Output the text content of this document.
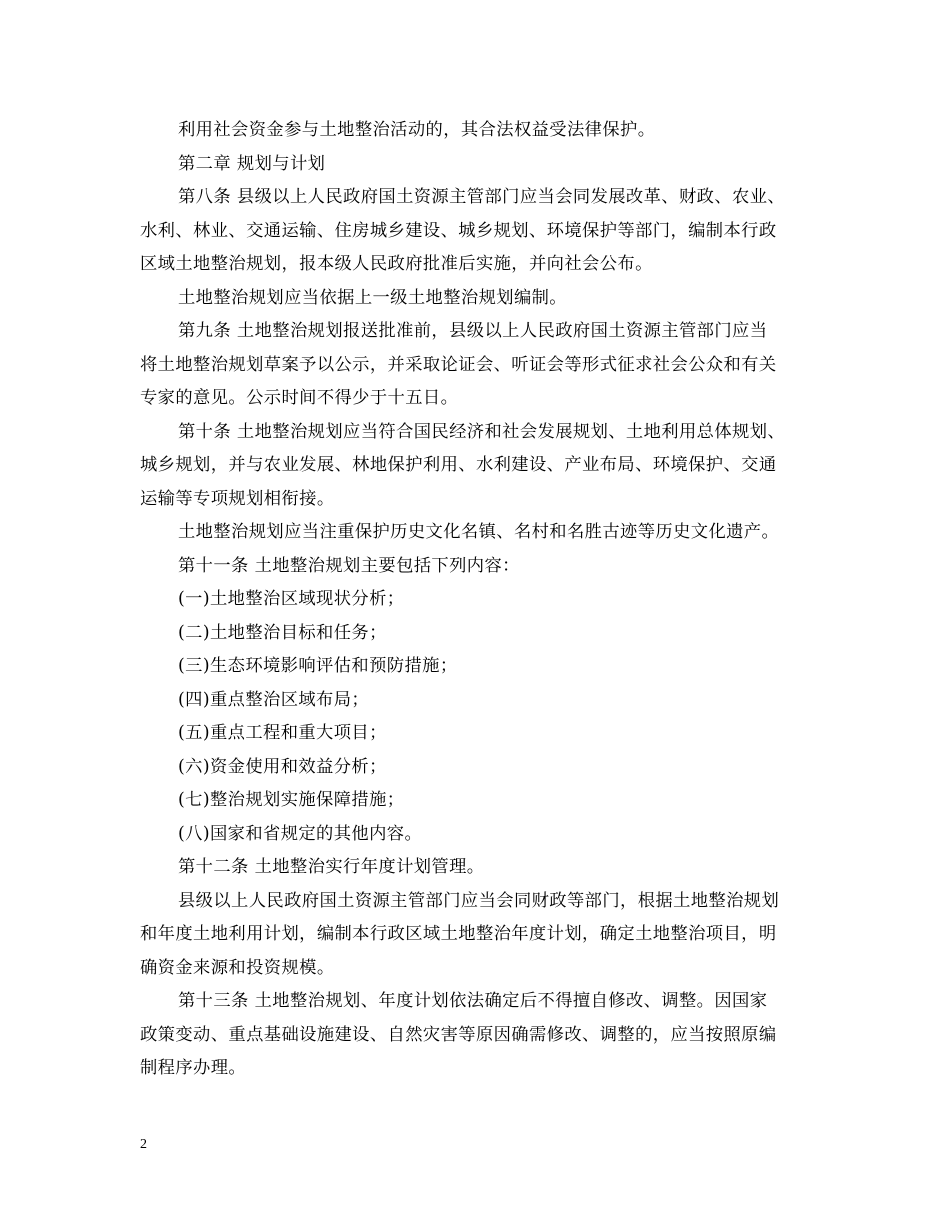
利用社会资金参与土地整治活动的，其合法权益受法律保护。
第二章 规划与计划
第八条 县级以上人民政府国土资源主管部门应当会同发展改革、财政、农业、
水利、林业、交通运输、住房城乡建设、城乡规划、环境保护等部门，编制本行政
区域土地整治规划，报本级人民政府批准后实施，并向社会公布。
土地整治规划应当依据上一级土地整治规划编制。
第九条 土地整治规划报送批准前，县级以上人民政府国土资源主管部门应当
将土地整治规划草案予以公示，并采取论证会、听证会等形式征求社会公众和有关
专家的意见。公示时间不得少于十五日。
第十条 土地整治规划应当符合国民经济和社会发展规划、土地利用总体规划、
城乡规划，并与农业发展、林地保护利用、水利建设、产业布局、环境保护、交通
运输等专项规划相衔接。
土地整治规划应当注重保护历史文化名镇、名村和名胜古迹等历史文化遗产。
第十一条 土地整治规划主要包括下列内容：
(一)土地整治区域现状分析；
(二)土地整治目标和任务；
(三)生态环境影响评估和预防措施；
(四)重点整治区域布局；
(五)重点工程和重大项目；
(六)资金使用和效益分析；
(七)整治规划实施保障措施；
(八)国家和省规定的其他内容。
第十二条 土地整治实行年度计划管理。
县级以上人民政府国土资源主管部门应当会同财政等部门，根据土地整治规划
和年度土地利用计划，编制本行政区域土地整治年度计划，确定土地整治项目，明
确资金来源和投资规模。
第十三条 土地整治规划、年度计划依法确定后不得擅自修改、调整。因国家
政策变动、重点基础设施建设、自然灾害等原因确需修改、调整的，应当按照原编
制程序办理。
2
